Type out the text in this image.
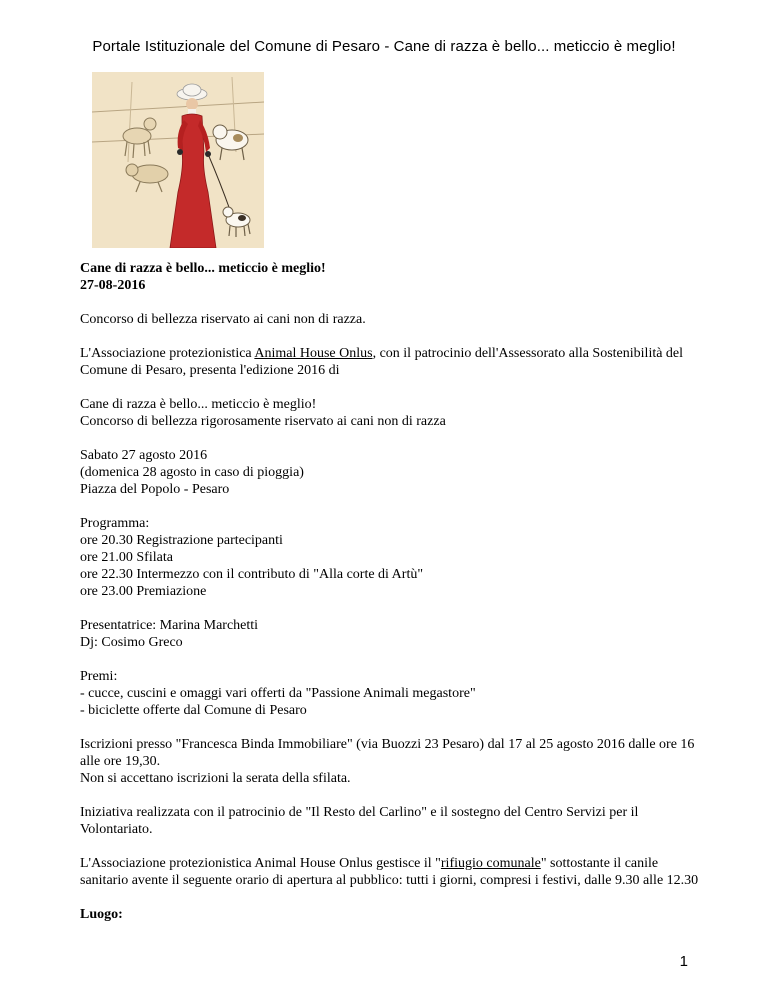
Portale Istituzionale del Comune di Pesaro - Cane di razza è bello... meticcio è meglio!

Cane di razza è bello... meticcio è meglio!
27-08-2016

Concorso di bellezza riservato ai cani non di razza.

L'Associazione protezionistica Animal House Onlus, con il patrocinio dell'Assessorato alla Sostenibilità del
Comune di Pesaro, presenta l'edizione 2016 di

Cane di razza è bello... meticcio è meglio!
Concorso di bellezza rigorosamente riservato ai cani non di razza

Sabato 27 agosto 2016
(domenica 28 agosto in caso di pioggia)
Piazza del Popolo - Pesaro

Programma:
ore 20.30 Registrazione partecipanti
ore 21.00 Sfilata
ore 22.30 Intermezzo con il contributo di "Alla corte di Artù"
ore 23.00 Premiazione

Presentatrice: Marina Marchetti
Dj: Cosimo Greco

Premi:
- cucce, cuscini e omaggi vari offerti da "Passione Animali megastore"
- biciclette offerte dal Comune di Pesaro

Iscrizioni presso "Francesca Binda Immobiliare" (via Buozzi 23 Pesaro) dal 17 al 25 agosto 2016 dalle ore 16
alle ore 19,30.
Non si accettano iscrizioni la serata della sfilata.

Iniziativa realizzata con il patrocinio de "Il Resto del Carlino" e il sostegno del Centro Servizi per il
Volontariato.

L'Associazione protezionistica Animal House Onlus gestisce il "rifiugio comunale" sottostante il canile
sanitario avente il seguente orario di apertura al pubblico: tutti i giorni, compresi i festivi, dalle 9.30 alle 12.30

Luogo:

1
